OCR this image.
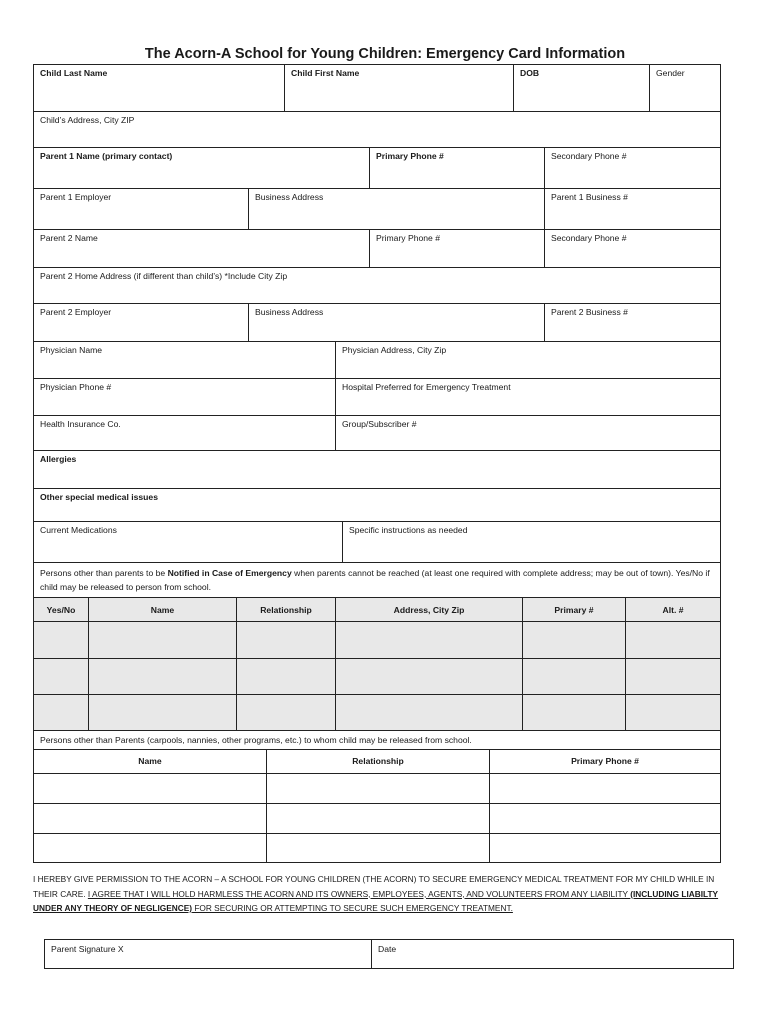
The Acorn-A School for Young Children: Emergency Card Information
Child Last Name	Child First Name	DOB	Gender
Child’s Address, City ZIP
Parent 1 Name (primary contact)	Primary Phone #	Secondary Phone #
Parent 1 Employer	Business Address	Parent 1 Business #
Parent 2 Name	Primary Phone #	Secondary Phone #
Parent 2 Home Address (if different than child’s) *Include City Zip
Parent 2 Employer	Business Address	Parent 2 Business #
Physician Name	Physician Address, City Zip
Physician Phone #	Hospital Preferred for Emergency Treatment
Health Insurance Co.	Group/Subscriber #
Allergies
Other special medical issues
Current Medications	Specific instructions as needed
Persons other than parents to be Notified in Case of Emergency when parents cannot be reached (at least one required with complete address; may be out of town). Yes/No if child may be released to person from school.
Yes/No	Name	Relationship	Address, City Zip	Primary #	Alt. #

Persons other than Parents (carpools, nannies, other programs, etc.) to whom child may be released from school.
Name	Relationship	Primary Phone #

I HEREBY GIVE PERMISSION TO THE ACORN – A SCHOOL FOR YOUNG CHILDREN (THE ACORN) TO SECURE EMERGENCY MEDICAL TREATMENT FOR MY CHILD WHILE IN THEIR CARE. I AGREE THAT I WILL HOLD HARMLESS THE ACORN AND ITS OWNERS, EMPLOYEES, AGENTS, AND VOLUNTEERS FROM ANY LIABILITY (INCLUDING LIABILTY UNDER ANY THEORY OF NEGLIGENCE) FOR SECURING OR ATTEMPTING TO SECURE SUCH EMERGENCY TREATMENT.
Parent Signature X	Date
